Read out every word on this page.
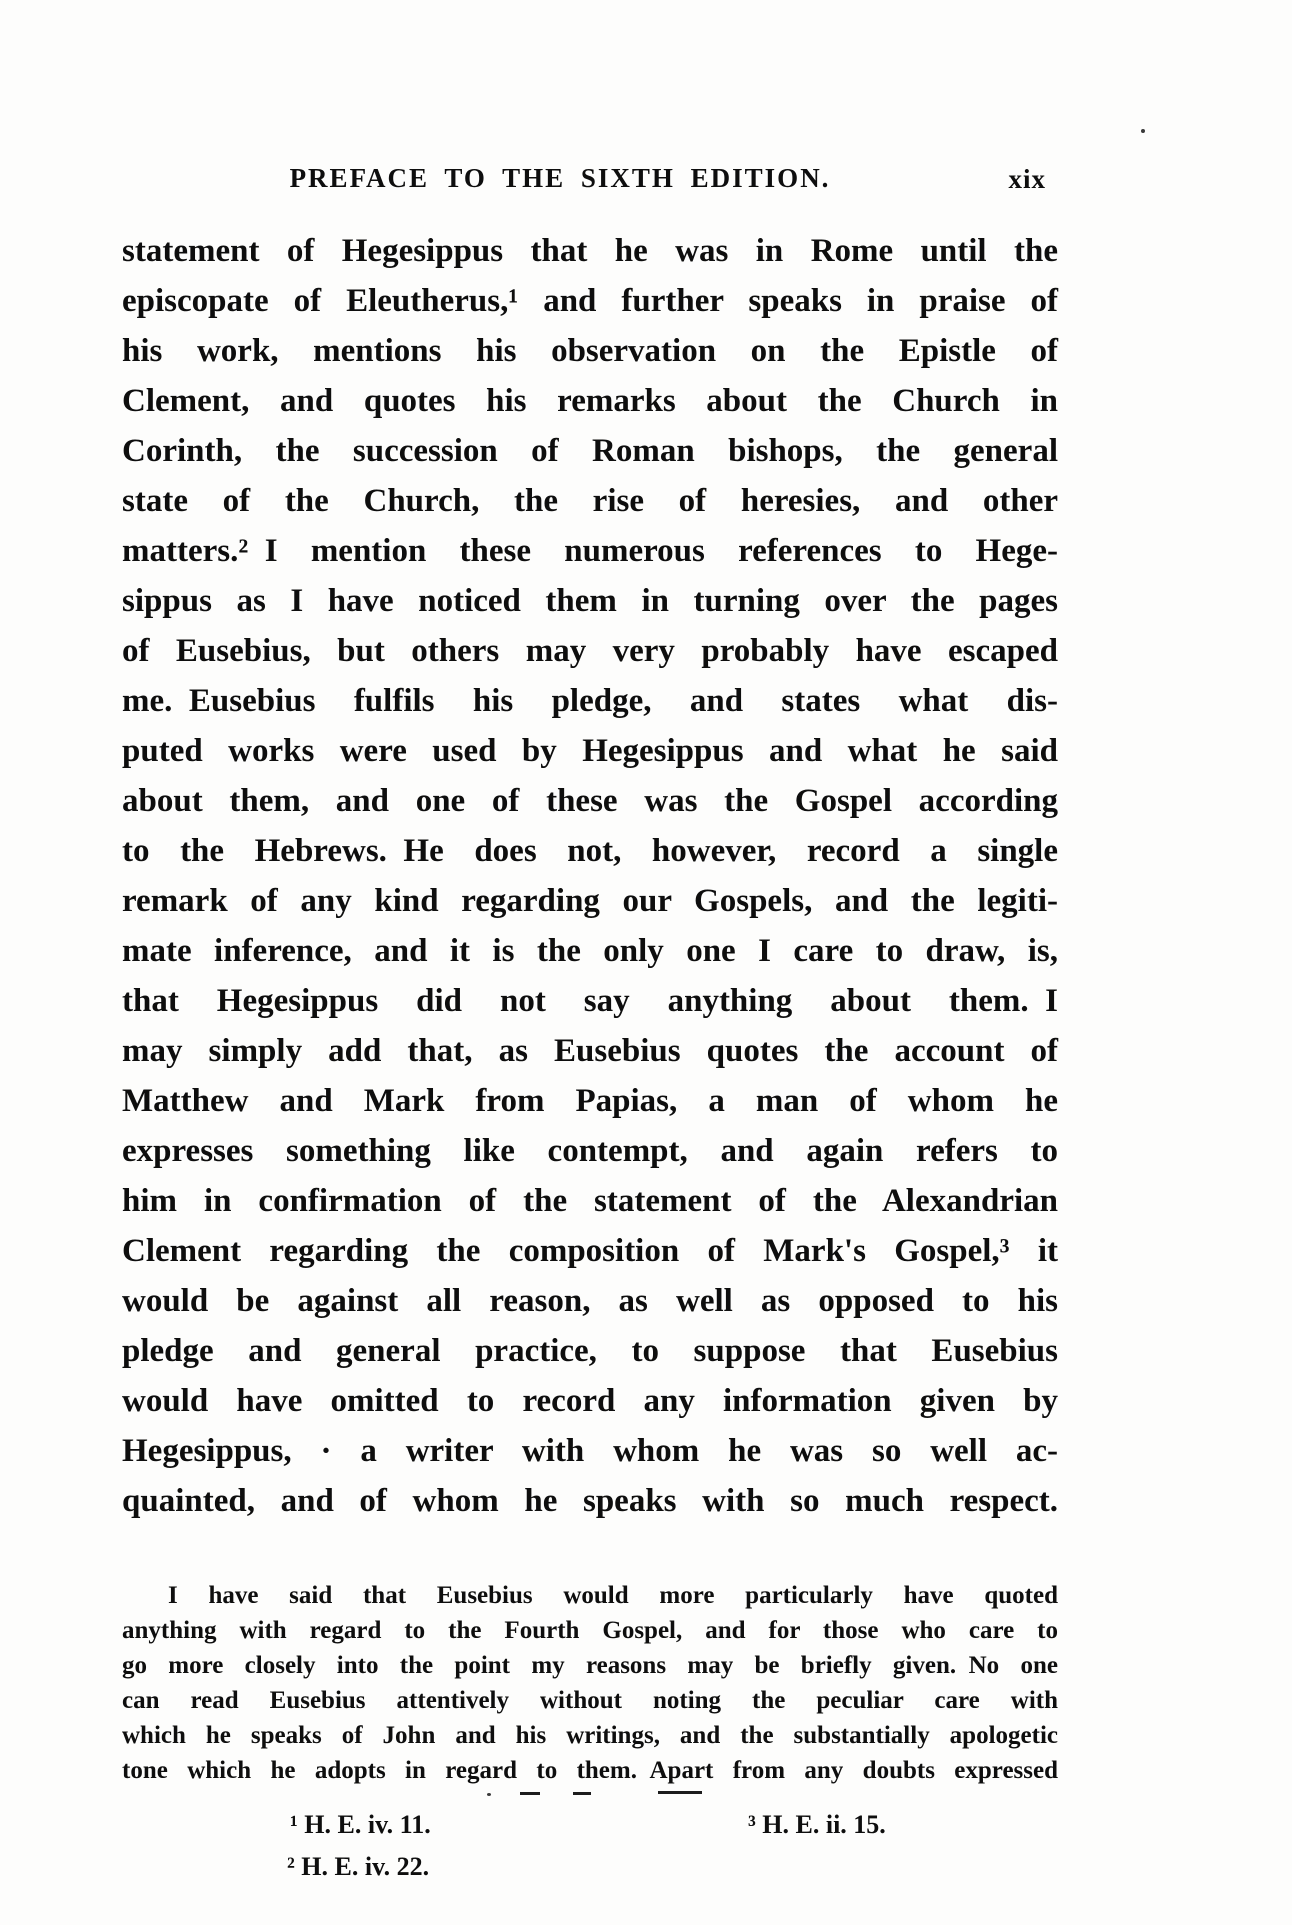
PREFACE TO THE SIXTH EDITION.	xix
statement of Hegesippus that he was in Rome until the
episcopate of Eleutherus,¹ and further speaks in praise of
his work, mentions his observation on the Epistle of
Clement, and quotes his remarks about the Church in
Corinth, the succession of Roman bishops, the general
state of the Church, the rise of heresies, and other
matters.² I mention these numerous references to Hege-
sippus as I have noticed them in turning over the pages
of Eusebius, but others may very probably have escaped
me. Eusebius fulfils his pledge, and states what dis-
puted works were used by Hegesippus and what he said
about them, and one of these was the Gospel according
to the Hebrews. He does not, however, record a single
remark of any kind regarding our Gospels, and the legiti-
mate inference, and it is the only one I care to draw, is,
that Hegesippus did not say anything about them. I
may simply add that, as Eusebius quotes the account of
Matthew and Mark from Papias, a man of whom he
expresses something like contempt, and again refers to
him in confirmation of the statement of the Alexandrian
Clement regarding the composition of Mark's Gospel,³ it
would be against all reason, as well as opposed to his
pledge and general practice, to suppose that Eusebius
would have omitted to record any information given by
Hegesippus, · a writer with whom he was so well ac-
quainted, and of whom he speaks with so much respect.
I have said that Eusebius would more particularly have quoted
anything with regard to the Fourth Gospel, and for those who care to
go more closely into the point my reasons may be briefly given. No one
can read Eusebius attentively without noting the peculiar care with
which he speaks of John and his writings, and the substantially apologetic
tone which he adopts in regard to them. Apart from any doubts expressed
¹ H. E. iv. 11.
² H. E. iv. 22.
³ H. E. ii. 15.
